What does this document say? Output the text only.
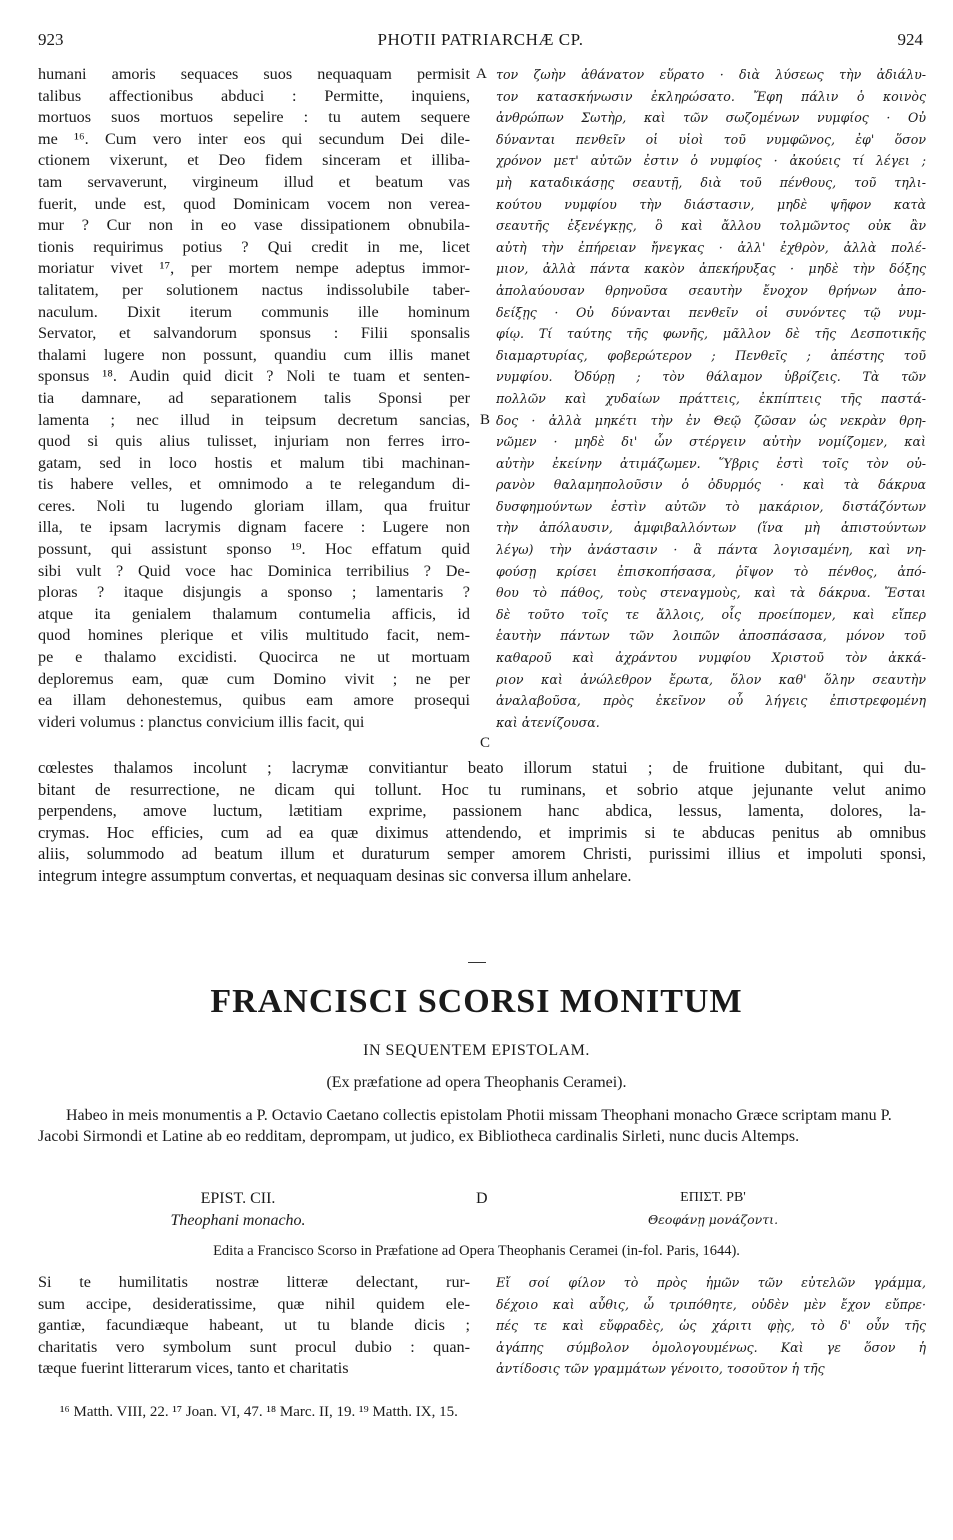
923	PHOTII PATRIARCHÆ CP.	924
humani amoris sequaces suos nequaquam permisit
talibus affectionibus abduci : Permitte, inquiens,
mortuos suos mortuos sepelire : tu autem sequere
me ¹⁶. Cum vero inter eos qui secundum Dei dile-
ctionem vixerunt, et Deo fidem sinceram et illiba-
tam servaverunt, virgineum illud et beatum vas
fuerit, unde est, quod Dominicam vocem non verea-
mur ? Cur non in eo vase dissipationem obnubila-
tionis requirimus potius ? Qui credit in me, licet
moriatur vivet ¹⁷, per mortem nempe adeptus immor-
talitatem, per solutionem nactus indissolubile taber-
naculum. Dixit iterum communis ille hominum
Servator, et salvandorum sponsus : Filii sponsalis
thalami lugere non possunt, quandiu cum illis manet
sponsus ¹⁸. Audin quid dicit ? Noli te tuam et senten-
tia damnare, ad separationem talis Sponsi per
lamenta ; nec illud in teipsum decretum sancias,
quod si quis alius tulisset, injuriam non ferres irro-
gatam, sed in loco hostis et malum tibi machinan-
tis habere velles, et omnimodo a te relegandum di-
ceres. Noli tu lugendo gloriam illam, qua fruitur
illa, te ipsam lacrymis dignam facere : Lugere non
possunt, qui assistunt sponso ¹⁹. Hoc effatum quid
sibi vult ? Quid voce hac Dominica terribilius ? De-
ploras ? itaque disjungis a sponso ; lamentaris ?
atque ita genialem thalamum contumelia afficis, id
quod homines plerique et vilis multitudo facit, nem-
pe e thalamo excidisti. Quocirca ne ut mortuam
deploremus eam, quæ cum Domino vivit ; ne per
ea illam dehonestemus, quibus eam amore prosequi
videri volumus : planctus convicium illis facit, qui
τον ζωὴν ἀθάνατον εὕρατο · διὰ λύσεως τὴν ἀδιάλυ-
τον κατασκήνωσιν ἐκληρώσατο. Ἔφη πάλιν ὁ κοινὸς
ἀνθρώπων Σωτὴρ, καὶ τῶν σωζομένων νυμφίος · Οὐ
δύνανται πενθεῖν οἱ υἱοὶ τοῦ νυμφῶνος, ἐφ' ὅσον
χρόνον μετ' αὐτῶν ἐστιν ὁ νυμφίος · ἀκούεις τί λέγει ;
μὴ καταδικάσῃς σεαυτῇ, διὰ τοῦ πένθους, τοῦ τηλι-
κούτου νυμφίου τὴν διάστασιν, μηδὲ ψῆφον κατὰ
σεαυτῆς ἐξενέγκῃς, ὃ καὶ ἄλλου τολμῶντος οὐκ ἂν
αὐτὴ τὴν ἐπήρειαν ἤνεγκας · ἀλλ' ἐχθρὸν, ἀλλὰ πολέ-
μιον, ἀλλὰ πάντα κακὸν ἀπεκήρυξας · μηδὲ τὴν δόξης
ἀπολαύουσαν θρηνοῦσα σεαυτὴν ἔνοχον θρήνων ἀπο-
δείξῃς · Οὐ δύνανται πενθεῖν οἱ συνόντες τῷ νυμ-
φίῳ. Τί ταύτης τῆς φωνῆς, μᾶλλον δὲ τῆς Δεσποτικῆς
διαμαρτυρίας, φοβερώτερον ; Πενθεῖς ; ἀπέστης τοῦ
νυμφίου. Ὀδύρῃ ; τὸν θάλαμον ὑβρίζεις. Τὰ τῶν
πολλῶν καὶ χυδαίων πράττεις, ἐκπίπτεις τῆς παστά-
δος · ἀλλὰ μηκέτι τὴν ἐν Θεῷ ζῶσαν ὡς νεκρὰν θρη-
νῶμεν · μηδὲ δι' ὧν στέργειν αὐτὴν νομίζομεν, καὶ
αὐτὴν ἐκείνην ἀτιμάζωμεν. Ὕβρις ἐστὶ τοῖς τὸν οὐ-
ρανὸν θαλαμηπολοῦσιν ὁ ὀδυρμός · καὶ τὰ δάκρυα
δυσφημούντων ἐστὶν αὐτῶν τὸ μακάριον, διστάζόντων
τὴν ἀπόλαυσιν, ἀμφιβαλλόντων (ἵνα μὴ ἀπιστούντων
λέγω) τὴν ἀνάστασιν · ἃ πάντα λογισαμένη, καὶ νη-
φούσῃ κρίσει ἐπισκοπήσασα, ῥῖψον τὸ πένθος, ἀπό-
θου τὸ πάθος, τοὺς στεναγμοὺς, καὶ τὰ δάκρυα. Ἔσται
δὲ τοῦτο τοῖς τε ἄλλοις, οἷς προείπομεν, καὶ εἴπερ
ἑαυτὴν πάντων τῶν λοιπῶν ἀποσπάσασα, μόνον τοῦ
καθαροῦ καὶ ἀχράντου νυμφίου Χριστοῦ τὸν ἀκκά-
ριον καὶ ἀνώλεθρον ἔρωτα, ὅλον καθ' ὅλην σεαυτὴν
ἀναλαβοῦσα, πρὸς ἐκεῖνον οὗ λήγεις ἐπιστρεφομένη
καὶ ἀτενίζουσα.
A
B
C
cœlestes thalamos incolunt ; lacrymæ convitiantur beato illorum statui ; de fruitione dubitant, qui du-
bitant de resurrectione, ne dicam qui tollunt. Hoc tu ruminans, et sobrio atque jejunante velut animo
perpendens, amove luctum, lætitiam exprime, passionem hanc abdica, lessus, lamenta, dolores, la-
crymas. Hoc efficies, cum ad ea quæ diximus attendendo, et imprimis si te abducas penitus ab omnibus
aliis, solummodo ad beatum illum et duraturum semper amorem Christi, purissimi illius et impoluti sponsi,
integrum integre assumptum convertas, et nequaquam desinas sic conversa illum anhelare.
FRANCISCI SCORSI MONITUM
IN SEQUENTEM EPISTOLAM.
(Ex præfatione ad opera Theophanis Ceramei).
Habeo in meis monumentis a P. Octavio Caetano collectis epistolam Photii missam Theophani monacho Græce scriptam manu P. Jacobi Sirmondi et Latine ab eo redditam, deprompam, ut judico, ex Bibliotheca cardinalis Sirleti, nunc ducis Altemps.
EPIST. CII.
Theophani monacho.
D	ΕΠΙΣΤ. ΡΒ'
Θεοφάνῃ μονάζοντι.
Edita a Francisco Scorso in Præfatione ad Opera Theophanis Ceramei (in-fol. Paris, 1644).
Si te humilitatis nostræ litteræ delectant, rur-
sum accipe, desideratissime, quæ nihil quidem ele-
gantiæ, facundiæque habeant, ut tu blande dicis ;
charitatis vero symbolum sunt procul dubio : quan-
tæque fuerint litterarum vices, tanto et charitatis
Εἴ σοί φίλον τὸ πρὸς ἡμῶν τῶν εὐτελῶν γράμμα,
δέχοιο καὶ αὖθις, ὦ τριπόθητε, οὐδὲν μὲν ἔχον εὔπρε·
πές τε καὶ εὔφραδὲς, ὡς χάριτι φῂς, τὸ δ' οὖν τῆς
ἀγάπης σύμβολον ὁμολογουμένως. Καὶ γε ὅσον ἡ
ἀντίδοσις τῶν γραμμάτων γένοιτο, τοσοῦτον ἡ τῆς
¹⁶ Matth. VIII, 22. ¹⁷ Joan. VI, 47. ¹⁸ Marc. II, 19. ¹⁹ Matth. IX, 15.
